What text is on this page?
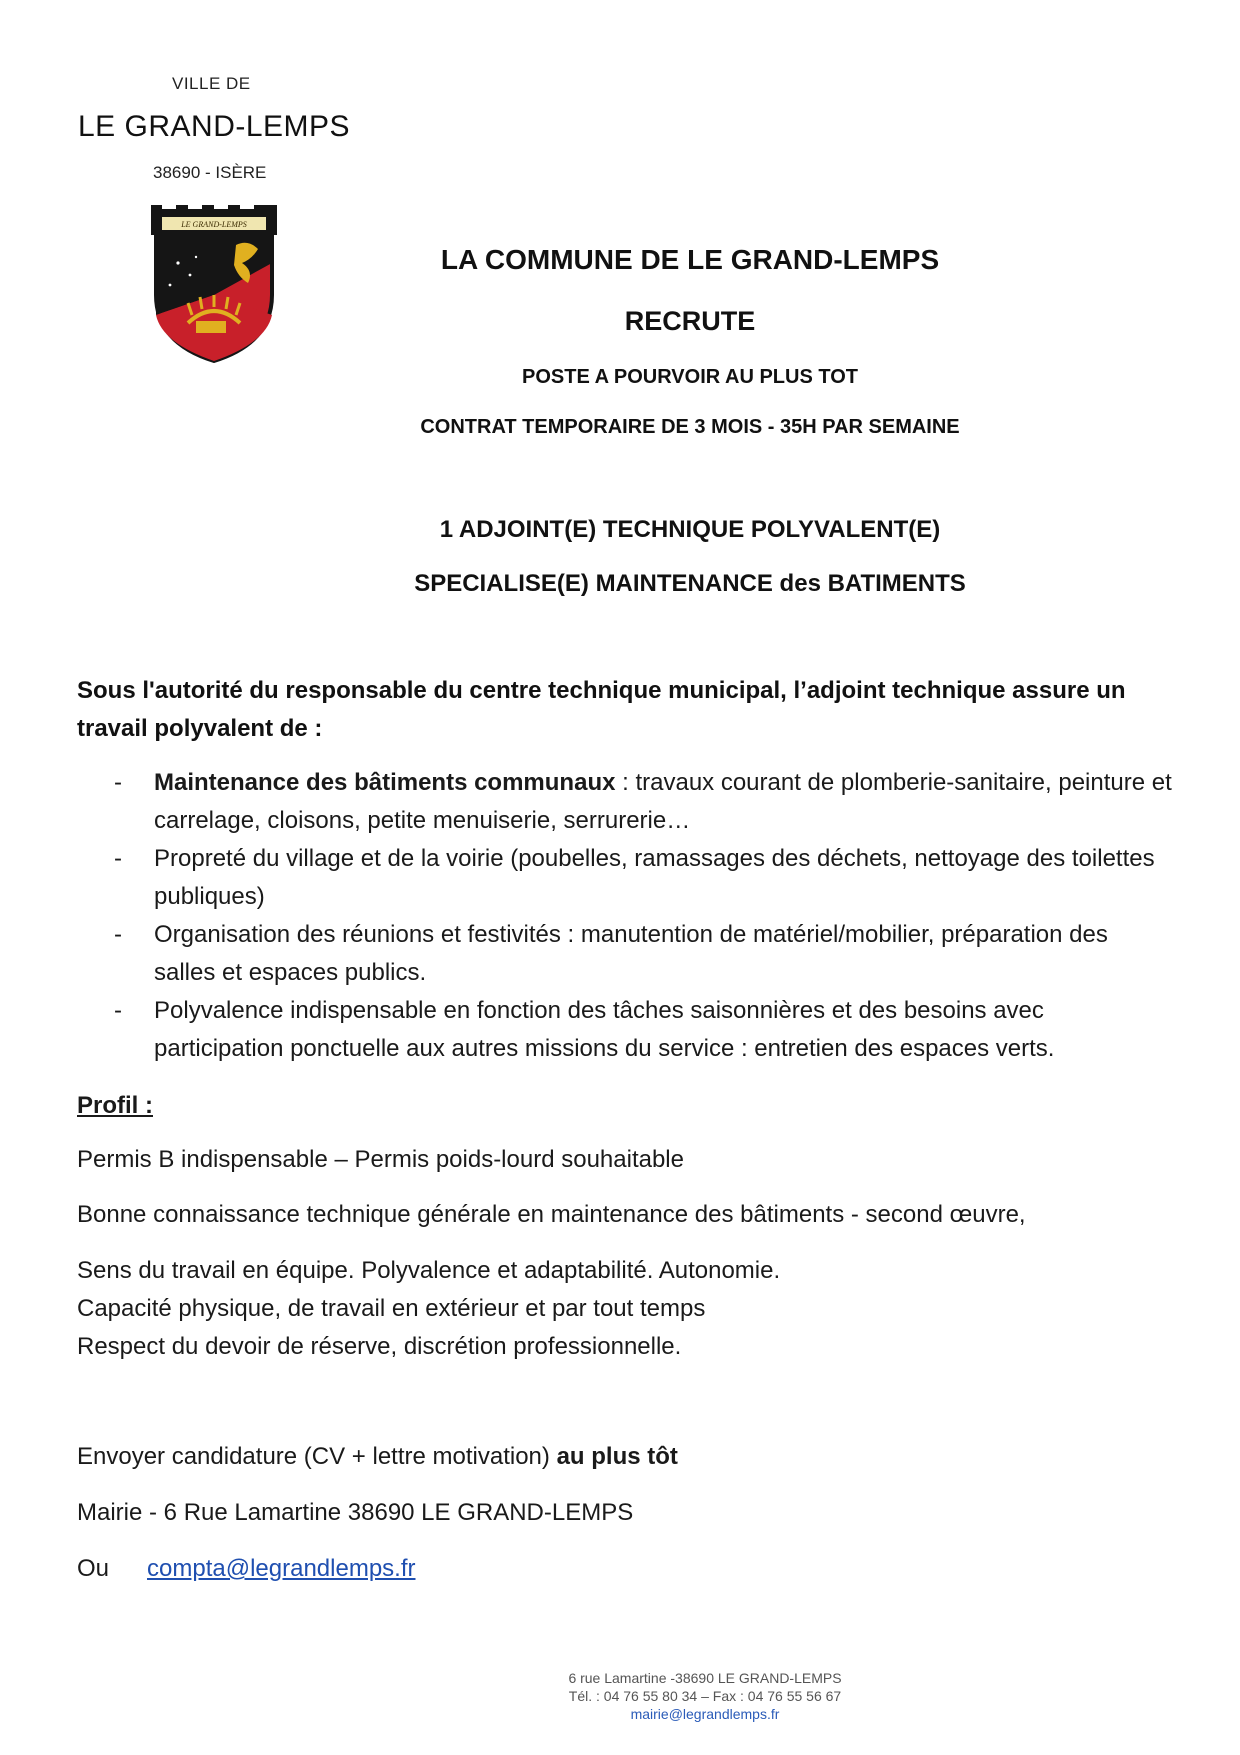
VILLE DE
LE GRAND-LEMPS
38690 - ISÈRE
LE GRAND-LEMPS
LA COMMUNE DE LE GRAND-LEMPS
RECRUTE
POSTE A POURVOIR AU PLUS TOT
CONTRAT TEMPORAIRE DE 3 MOIS - 35H PAR SEMAINE
1 ADJOINT(E) TECHNIQUE POLYVALENT(E)
SPECIALISE(E) MAINTENANCE des BATIMENTS
Sous l'autorité du responsable du centre technique municipal, l’adjoint technique assure un travail polyvalent de :
- Maintenance des bâtiments communaux : travaux courant de plomberie-sanitaire, peinture et carrelage, cloisons, petite menuiserie, serrurerie…
- Propreté du village et de la voirie (poubelles, ramassages des déchets, nettoyage des toilettes publiques)
- Organisation des réunions et festivités : manutention de matériel/mobilier, préparation des salles et espaces publics.
- Polyvalence indispensable en fonction des tâches saisonnières et des besoins avec participation ponctuelle aux autres missions du service : entretien des espaces verts.
Profil :
Permis B indispensable – Permis poids-lourd souhaitable
Bonne connaissance technique générale en maintenance des bâtiments - second œuvre,
Sens du travail en équipe. Polyvalence et adaptabilité. Autonomie.
Capacité physique, de travail en extérieur et par tout temps
Respect du devoir de réserve, discrétion professionnelle.
Envoyer candidature (CV + lettre motivation) au plus tôt
Mairie - 6 Rue Lamartine 38690 LE GRAND-LEMPS
Ou compta@legrandlemps.fr
6 rue Lamartine -38690 LE GRAND-LEMPS
Tél. : 04 76 55 80 34 – Fax : 04 76 55 56 67
mairie@legrandlemps.fr
